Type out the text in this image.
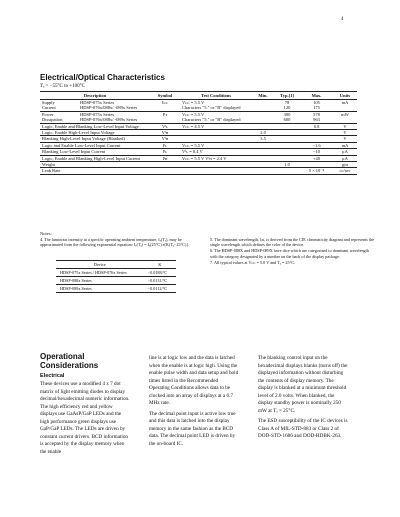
4
Electrical/Optical Characteristics
Tₐ = −55°C to +100°C
Description	Symbol	Test Conditions	Min.	Typ.[1]	Max.	Units
Supply HDSP-075x Series	Iᴄᴄ	Vᴄᴄ = 5.5 V		78	105	mA
Current HDSP-076x/088x/ -089x Series		Characters "5." or "B" displayed		120	175	
Power HDSP-075x Series	Pᴛ	Vᴄᴄ = 5.5 V		390	578	mW
Dissipation HDSP-076x/088x/ -089x Series		Characters "5." or "B" displayed		600	963	
Logic, Enable and Blanking Low-Level Input Voltage	Vᴵʟ	Vᴄᴄ = 4.5 V			0.8	V
Logic, Enable High-Level Input Voltage	Vᴵʜ		2.0			V
Blanking High-Level Input Voltage (Blanked)	Vᴵʜ		3.5			V
Logic and Enable Low-Level Input Current	Iᴵʟ	Vᴄᴄ = 5.5 V			−1.6	mA
Blanking Low-Level Input Current	Iᴵʟ	Vᴵʟ = 0.4 V			−10	μA
Logic, Enable and Blanking High-Level Input Current	Iᴵʜ	Vᴄᴄ = 5.5 V Vᴵʜ = 2.4 V			+40	μA
Weight				1.0		gm
Leak Rate					5 × 10⁻⁸	cc/sec
Notes:

4. The luminous intensity at a specific operating ambient temperature, Iᵥ(Tₐ), may be approximated from the following exponential equation: Iᵥ(Tₐ) = Iᵥ(25°C) e[K(Tₐ−25°C)].

Device	K
HDSP-075x Series / HDSP-076x Series	−0.0188/°C
HDSP-088x Series	−0.0131/°C
HDSP-089x Series	−0.0112/°C

5. The dominant wavelength, λᴅ, is derived from the CIE chromaticity diagram and represents the single wavelength which defines the color of the device.

6. The HDSP-088X and HDSP-089X have dice which are categorized to dominant wavelength with the category designated by a number on the back of the display package.

7. All typical values at Vᴄᴄ = 5.0 V and Tₐ = 25°C.

Operational Considerations
Electrical

These devices use a modified 4 x 7 dot matrix of light emitting diodes to display decimal/hexadecimal numeric information. The high efficiency red and yellow displays use GaAsP/GaP LEDs and the high performance green displays use GaP/GaP LEDs. The LEDs are driven by constant current drivers. BCD information is accepted by the display memory when the enable

line is at logic low and the data is latched when the enable is at logic high. Using the enable pulse width and data setup and hold times listed in the Recommended Operating Conditions allows data to be clocked into an array of displays at a 6.7 MHz rate.

The decimal point input is active low true and this data is latched into the display memory in the same fashion as the BCD data. The decimal point LED is driven by the on-board IC.

The blanking control input on the hexadecimal displays blanks (turns off) the displayed information without disturbing the contents of display memory. The display is blanked at a minimum threshold level of 2.0 volts. When blanked, the display standby power is nominally 250 mW at Tₐ = 25°C.

The ESD susceptibility of the IC devices is Class A of MIL-STD-883 or Class 2 of DOD-STD-1686 and DOD-HDBK-263.
